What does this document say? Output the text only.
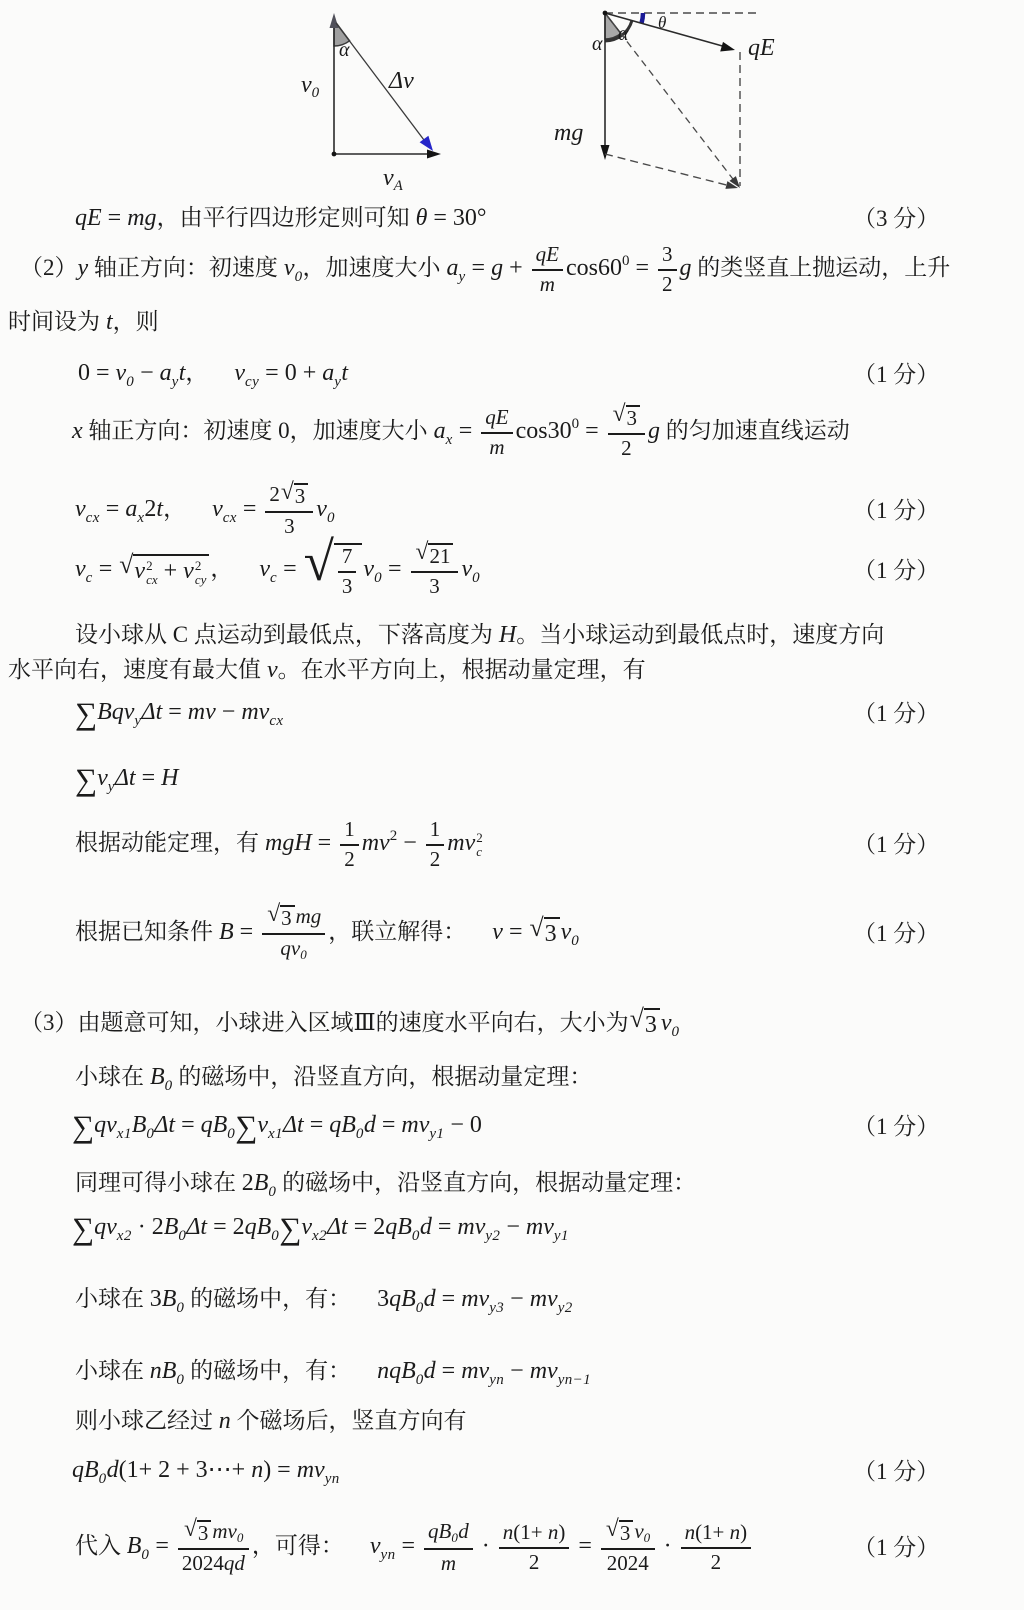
$v_0$	Δv
$v_A$
α
mg
qE
θ
α α
qE = mg，由平行四边形定则可知 θ = 30°	（3 分）
（2）y 轴正方向：初速度 $v_0$，加速度大小 $a_y = g + \frac{qE}{m} \cos 60^0 = \frac{3}{2}$ g 的类竖直上抛运动，上升
时间设为 t，则
$0 = v_0 - a_yt$， $v_{cy} = 0 + a_yt$	（1 分）
x 轴正方向：初速度 0，加速度大小 $a_x = \frac{qE}{m} \cos 30^0 = \frac{√ 3}{2}$ g 的匀加速直线运动
$v_{cx} = a_x2t$， $v_{cx} = \frac{2 √ 3}{3} v_0$	（1 分）
$v_c$ = √ v 2
cx + v 2
cy ， $v_c$ = √ $\frac{7}{3} v_0 = \frac{√ 21}{3} v_0$	（1 分）
设小球从 C 点运动到最低点，下落高度为 H。当小球运动到最低点时，速度方向
水平向右，速度有最大值 v。在水平方向上，根据动量定理，有
∑Bqv$_y$Δt = mv − $mv_{cx}$	（1 分）
$\sum v_y\Delta t = H$
根据动能定理，有 mgH = $\frac{1}{2} mv^2 - \frac{1}{2}$ mv 2
c	（1 分）
根据已知条件 $B = \frac{√ 3 mg}{qv0}$ ，联立解得： v = √ 3 $v_0$	（1 分）
（3）由题意可知，小球进入区域Ⅲ的速度水平向右，大小为 √ 3 $v_0$
小球在 $B_0$ 的磁场中，沿竖直方向，根据动量定理：
$\sum qv_{x1}B_0\Delta t = qB_0\sum v_{x1}\Delta t = qB_0d = mv_{y1} - 0$	（1 分）
同理可得小球在 $2B_0$ 的磁场中，沿竖直方向，根据动量定理：
$\sum qv_{x2} \cdot 2B_0\Delta t = 2qB_0\sum v_{x2}\Delta t = 2qB_0d = mv_{y2} - mv_{y1}$
小球在 $3B_0$ 的磁场中，有： $3qB_0d = mv_{y3} - mv_{y2}$
小球在 $nB_0$ 的磁场中，有： $nqB_0d = mv_{yn} - mv_{yn-1}$
则小球乙经过 n 个磁场后，竖直方向有
$qB_0d(1+ 2$ + 3⋯+ $n) = mv_{yn}$	（1 分）
代入 $B_0 = \frac{√ 3 mv0}{2024qd}$ ，可得： $v_{yn} = \frac{qB0d}{m} \cdot \frac{n(1+ n)}{2} = \frac{√ 3 v0}{2024} \cdot \frac{n(1+ n)}{2}$	（1 分）
